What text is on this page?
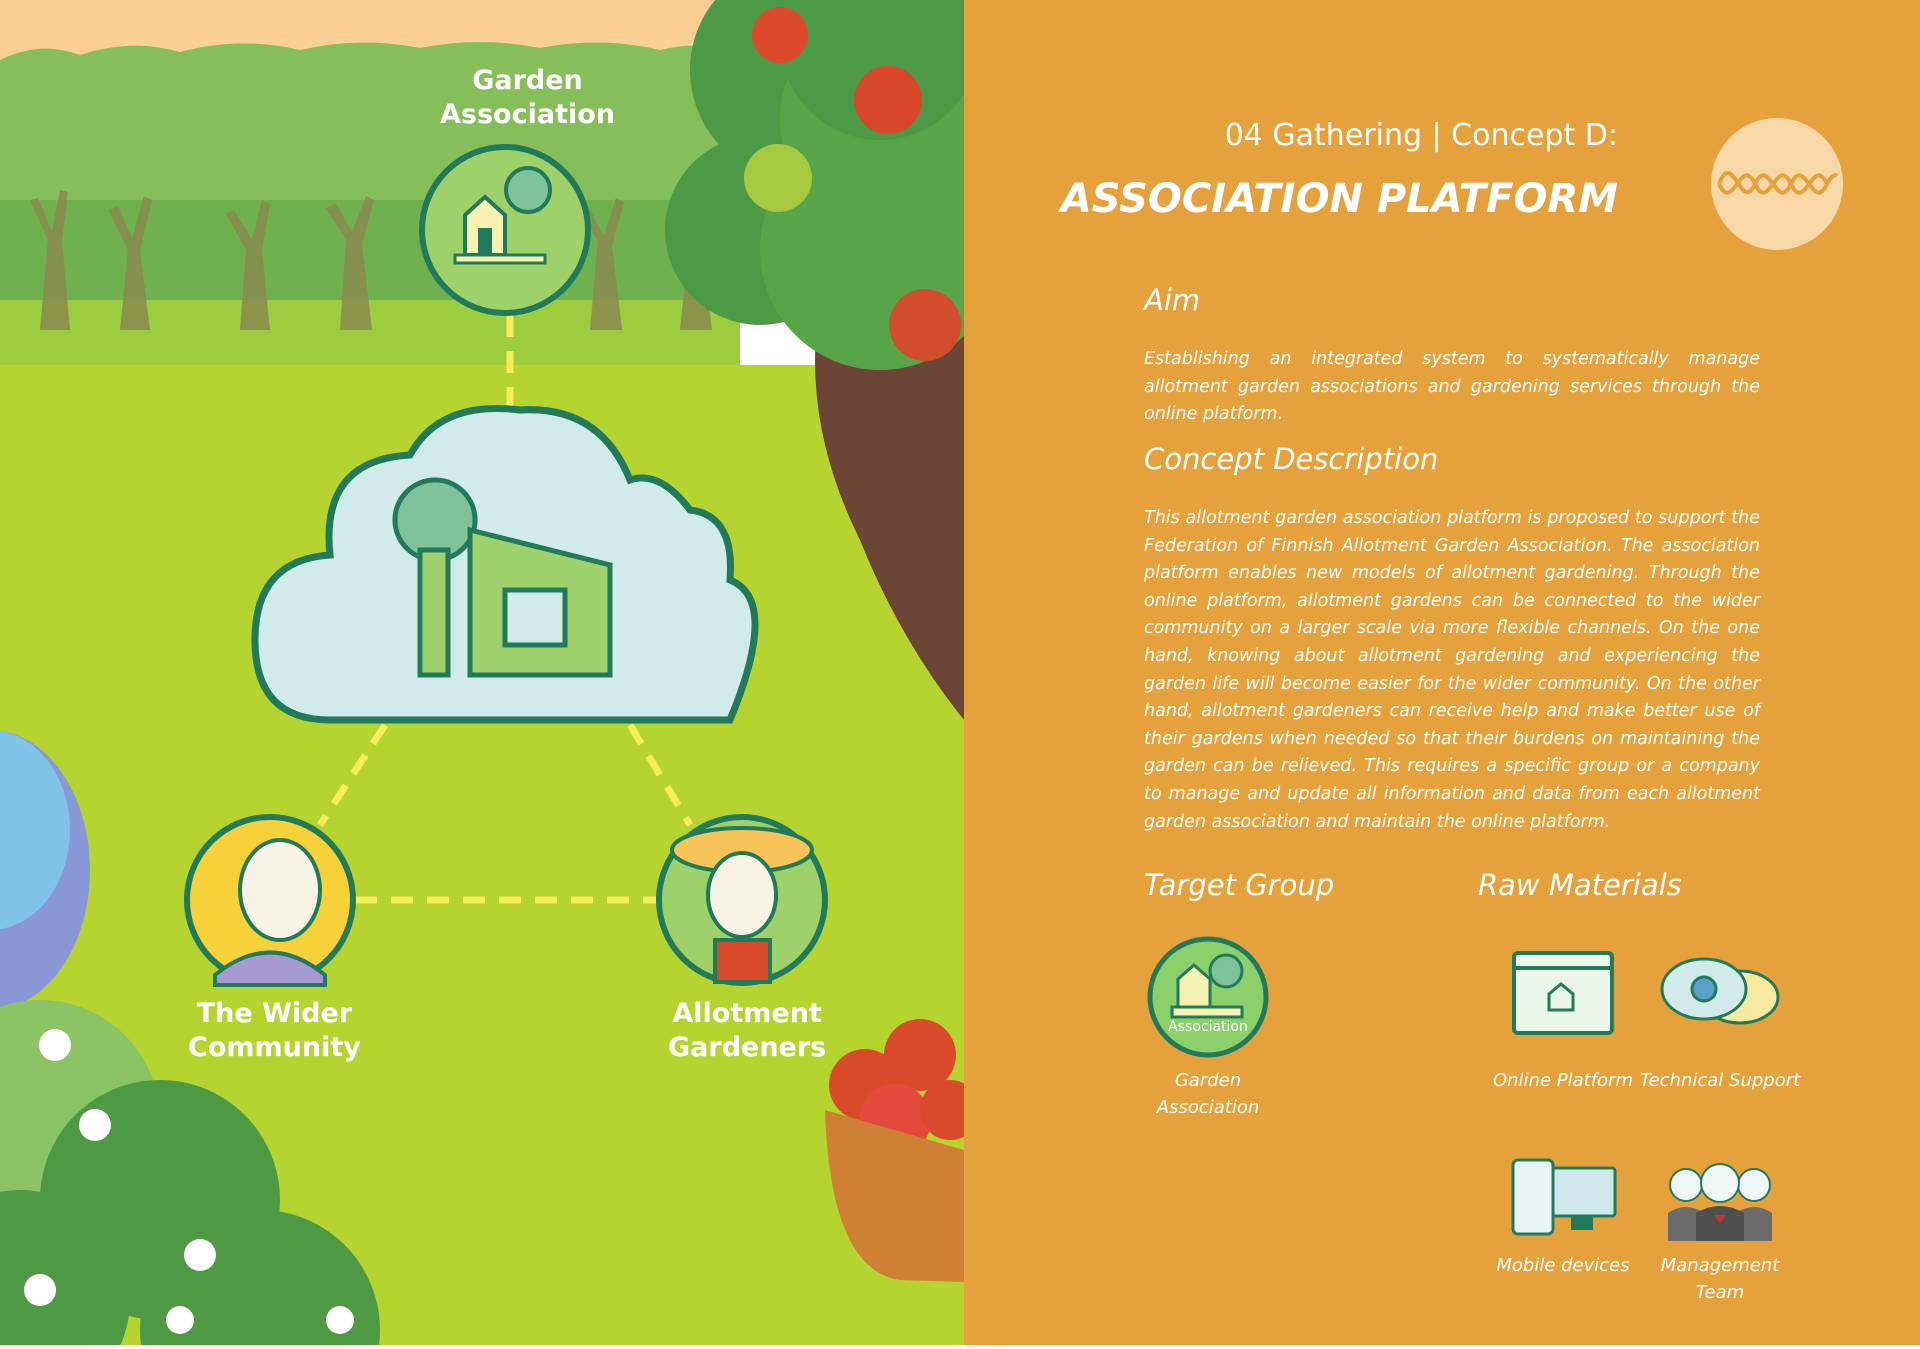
Garden
Association
The Wider
Community
Allotment
Gardeners
04 Gathering | Concept D:
ASSOCIATION PLATFORM
Aim
Establishing an integrated system to systematically manage allotment garden associations and gardening services through the online platform.
Concept Description
This allotment garden association platform is proposed to support the Federation of Finnish Allotment Garden Association. The association platform enables new models of allotment gardening. Through the online platform, allotment gardens can be connected to the wider community on a larger scale via more flexible channels. On the one hand, knowing about allotment gardening and experiencing the garden life will become easier for the wider community. On the other hand, allotment gardeners can receive help and make better use of their gardens when needed so that their burdens on maintaining the garden can be relieved. This requires a specific group or a company to manage and update all information and data from each allotment garden association and maintain the online platform.
Target Group	Raw Materials
Association
Garden
Association
Online Platform Technical Support
Mobile devices	Management
Team
